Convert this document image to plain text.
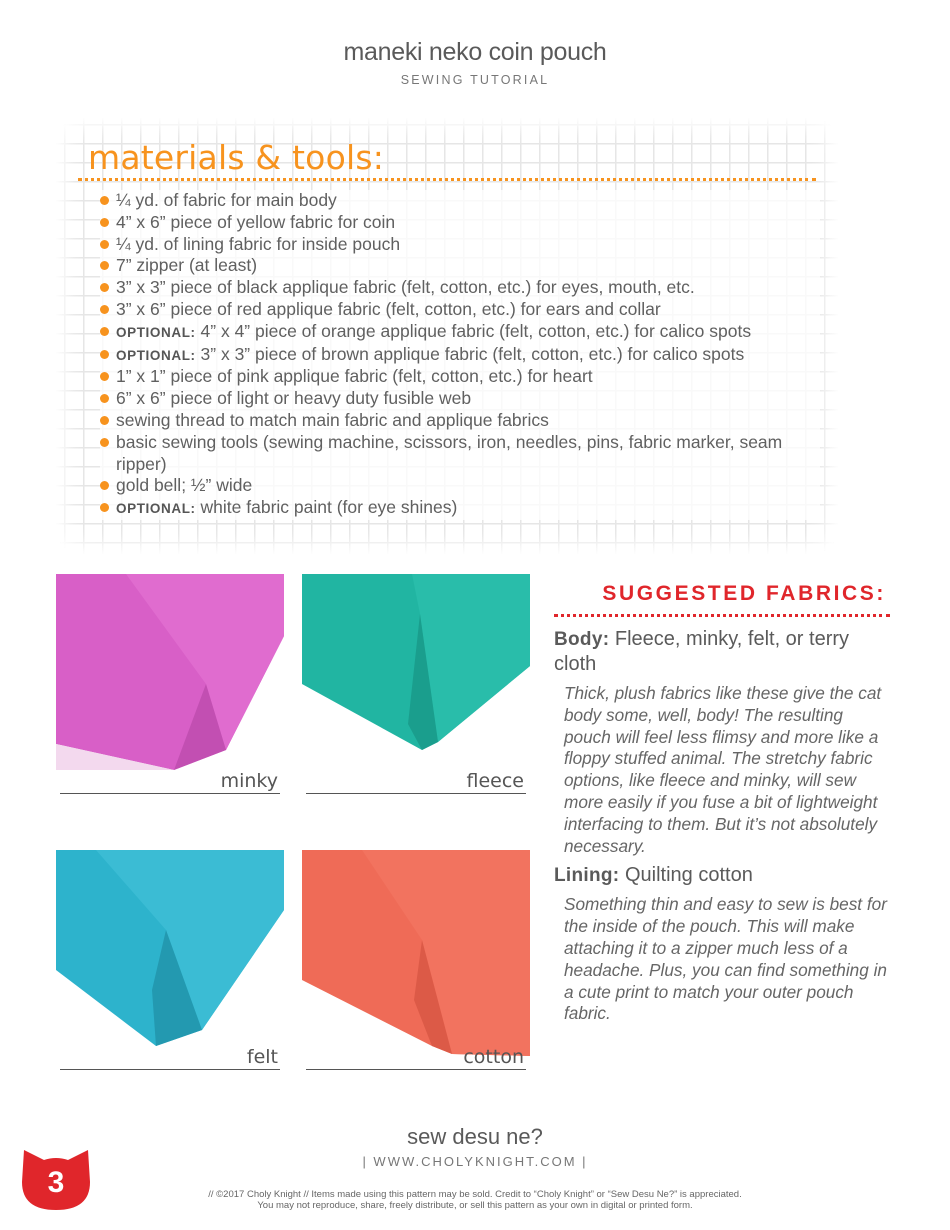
maneki neko coin pouch
SEWING TUTORIAL
materials & tools:
¼ yd. of fabric for main body
4” x 6” piece of yellow fabric for coin
¼ yd. of lining fabric for inside pouch
7” zipper (at least)
3” x 3” piece of black applique fabric (felt, cotton, etc.) for eyes, mouth, etc.
3” x 6” piece of red applique fabric (felt, cotton, etc.) for ears and collar
OPTIONAL: 4” x 4” piece of orange applique fabric (felt, cotton, etc.) for calico spots
OPTIONAL: 3” x 3” piece of brown applique fabric (felt, cotton, etc.) for calico spots
1” x 1” piece of pink applique fabric (felt, cotton, etc.) for heart
6” x 6” piece of light or heavy duty fusible web
sewing thread to match main fabric and applique fabrics
basic sewing tools (sewing machine, scissors, iron, needles, pins, fabric marker, seam ripper)
gold bell; ½” wide
OPTIONAL: white fabric paint (for eye shines)
minky	fleece
felt	cotton
SUGGESTED FABRICS:
Body: Fleece, minky, felt, or terry cloth
Thick, plush fabrics like these give the cat body some, well, body! The resulting pouch will feel less flimsy and more like a floppy stuffed animal. The stretchy fabric options, like fleece and minky, will sew more easily if you fuse a bit of lightweight interfacing to them. But it’s not absolutely necessary.
Lining: Quilting cotton
Something thin and easy to sew is best for the inside of the pouch. This will make attaching it to a zipper much less of a headache. Plus, you can find something in a cute print to match your outer pouch fabric.
sew desu ne?
| WWW.CHOLYKNIGHT.COM |
// ©2017 Choly Knight // Items made using this pattern may be sold. Credit to “Choly Knight” or “Sew Desu Ne?” is appreciated.
You may not reproduce, share, freely distribute, or sell this pattern as your own in digital or printed form.
3
